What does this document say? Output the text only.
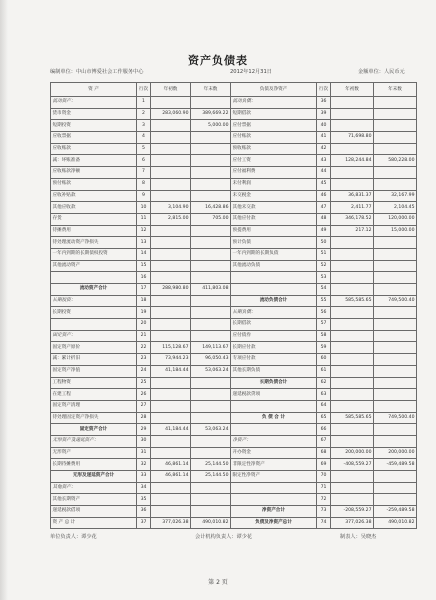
资产负债表
编制单位：中山市博爱社会工作服务中心	2012年12月31日	金额单位：人民币元
资 产	行次	年初数	年末数	负债及净资产	行次	年初数	年末数
流动资产：	1			流动负债：	36		
货币资金	2	283,060.90	389,669.22	短期借款	39		
短期投资	3		5,000.00	应付票据	40		
应收票据	4			应付账款	41	71,698.80	
应收账款	5			预收账款	42		
减：坏账准备	6			应付工资	43	128,244.84	580,228.00
应收账款净额	7			应付福利费	44		
预付账款	8			未付利润	45		
应收补贴款	9			未交税金	46	36,831.37	32,167.99
其他应收款	10	3,104.90	16,428.86	其他未交款	47	2,411.77	2,104.45
存货	11	2,815.00	705.00	其他应付款	48	346,178.52	120,000.00
待摊费用	12			预提费用	49	217.12	15,000.00
待处理流动资产净损失	13			预计负债	50		
一年内到期的长期债权投资	14			一年内到期的长期负债	51		
其他流动资产	15			其他流动负债	52		
	16				53		
流动资产合计	17	288,980.80	411,803.08		54		
长期投资：	18			流动负债合计	55	585,585.65	749,500.40
长期投资	19			长期负债：	56		
	20			长期借款	57		
固定资产：	21			应付债券	58		
固定资产原价	22	115,128.67	149,113.67	长期应付款	59		
减：累计折旧	23	73,944.23	96,050.43	专项应付款	60		
固定资产净值	24	41,184.44	53,063.24	其他长期负债	61		
工程物资	25			长期负债合计	62		
在建工程	26			递延税款贷项	63		
固定资产清理	27				64		
待处理固定资产净损失	28			负 债 合 计	65	585,585.65	749,500.40
固定资产合计	29	41,184.44	53,063.24		66		
无形资产及递延资产：	30			净资产：	67		
无形资产	31			开办资金	68	200,000.00	200,000.00
长期待摊费用	32	46,861.14	25,144.50	非限定性净资产	69	-408,559.27	-459,489.58
无形及递延资产合计	33	46,861.14	25,144.50	限定性净资产	70		
其他资产：	34				71		
其他长期资产	35				72		
递延税款借项	36			净资产合计	73	-208,559.27	-259,489.58
资 产 总 计	37	377,026.38	490,010.82	负债及净资产总计	74	377,026.38	490,010.82
单位负责人：谭少花	会计机构负责人：谭少花	制表人：吴晓杰
第 2 页
